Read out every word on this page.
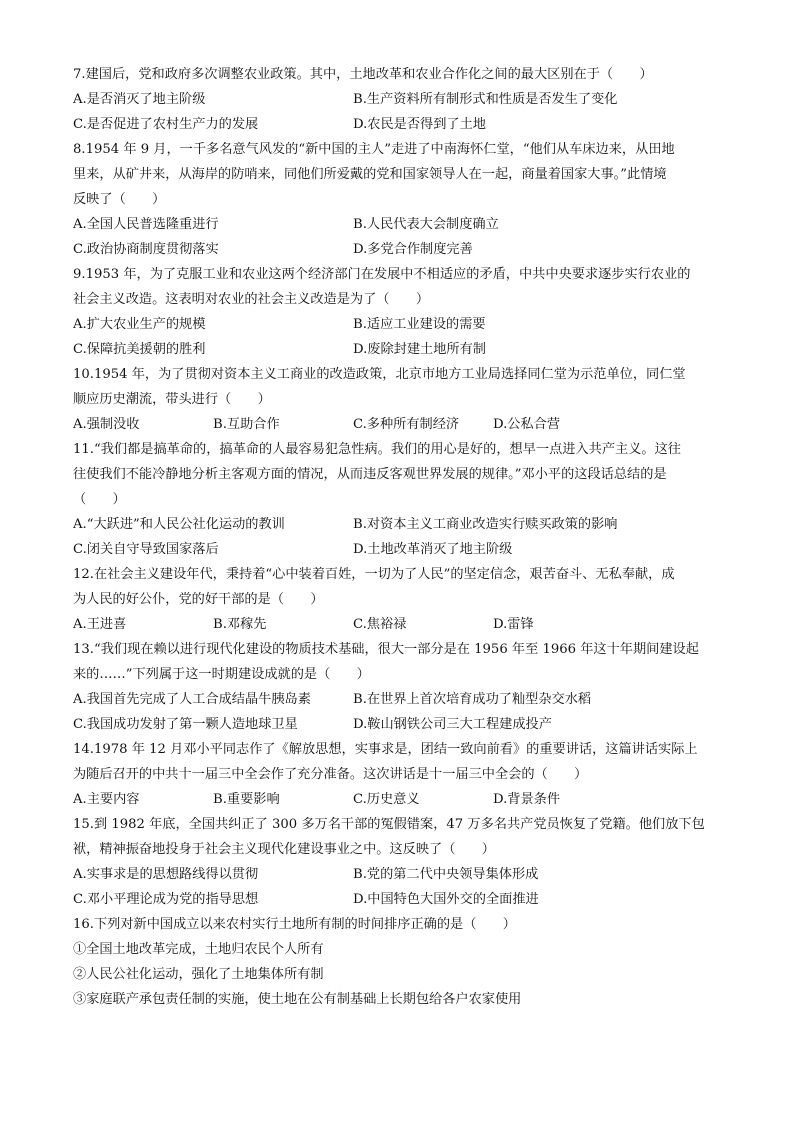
7.建国后，党和政府多次调整农业政策。其中，土地改革和农业合作化之间的最大区别在于（　　）
A.是否消灭了地主阶级	B.生产资料所有制形式和性质是否发生了变化
C.是否促进了农村生产力的发展	D.农民是否得到了土地
8.1954 年 9 月，一千多名意气风发的“新中国的主人”走进了中南海怀仁堂，“他们从车床边来，从田地
里来，从矿井来，从海岸的防哨来，同他们所爱戴的党和国家领导人在一起，商量着国家大事。”此情境
反映了（　　）
A.全国人民普选隆重进行	B.人民代表大会制度确立
C.政治协商制度贯彻落实	D.多党合作制度完善
9.1953 年，为了克服工业和农业这两个经济部门在发展中不相适应的矛盾，中共中央要求逐步实行农业的
社会主义改造。这表明对农业的社会主义改造是为了（　　）
A.扩大农业生产的规模	B.适应工业建设的需要
C.保障抗美援朝的胜利	D.废除封建土地所有制
10.1954 年，为了贯彻对资本主义工商业的改造政策，北京市地方工业局选择同仁堂为示范单位，同仁堂
顺应历史潮流，带头进行（　　）
A.强制没收	B.互助合作	C.多种所有制经济	D.公私合营
11.“我们都是搞革命的，搞革命的人最容易犯急性病。我们的用心是好的，想早一点进入共产主义。这往
往使我们不能冷静地分析主客观方面的情况，从而违反客观世界发展的规律。”邓小平的这段话总结的是
（　　）
A.“大跃进”和人民公社化运动的教训	B.对资本主义工商业改造实行赎买政策的影响
C.闭关自守导致国家落后	D.土地改革消灭了地主阶级
12.在社会主义建设年代，秉持着“心中装着百姓，一切为了人民”的坚定信念，艰苦奋斗、无私奉献，成
为人民的好公仆，党的好干部的是（　　）
A.王进喜	B.邓稼先	C.焦裕禄	D.雷锋
13.“我们现在赖以进行现代化建设的物质技术基础，很大一部分是在 1956 年至 1966 年这十年期间建设起
来的……”下列属于这一时期建设成就的是（　　）
A.我国首先完成了人工合成结晶牛胰岛素	B.在世界上首次培育成功了籼型杂交水稻
C.我国成功发射了第一颗人造地球卫星	D.鞍山钢铁公司三大工程建成投产
14.1978 年 12 月邓小平同志作了《解放思想，实事求是，团结一致向前看》的重要讲话，这篇讲话实际上
为随后召开的中共十一届三中全会作了充分准备。这次讲话是十一届三中全会的（　　）
A.主要内容	B.重要影响	C.历史意义	D.背景条件
15.到 1982 年底，全国共纠正了 300 多万名干部的冤假错案，47 万多名共产党员恢复了党籍。他们放下包
袱，精神振奋地投身于社会主义现代化建设事业之中。这反映了（　　）
A.实事求是的思想路线得以贯彻	B.党的第二代中央领导集体形成
C.邓小平理论成为党的指导思想	D.中国特色大国外交的全面推进
16.下列对新中国成立以来农村实行土地所有制的时间排序正确的是（　　）
①全国土地改革完成，土地归农民个人所有
②人民公社化运动，强化了土地集体所有制
③家庭联产承包责任制的实施，使土地在公有制基础上长期包给各户农家使用
